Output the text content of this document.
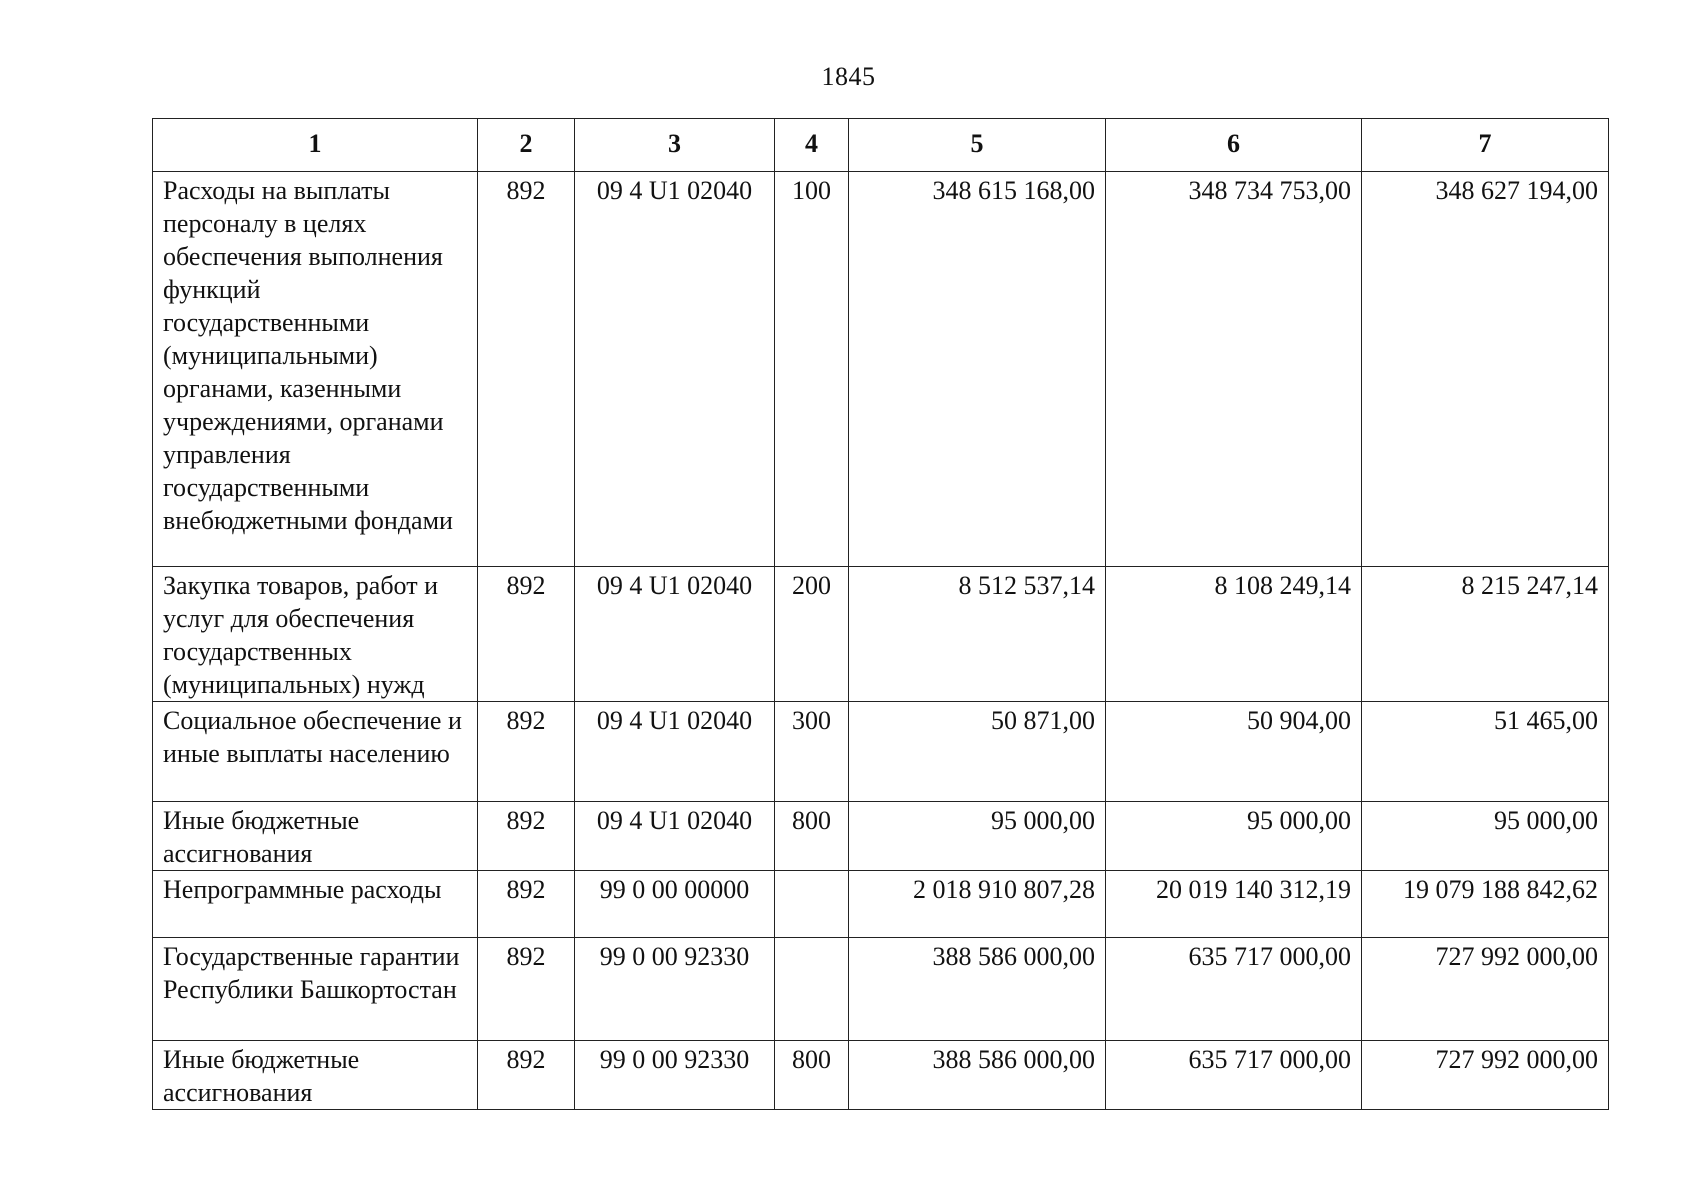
1845
1	2	3	4	5	6	7
Расходы на выплаты персоналу в целях обеспечения выполнения функций государственными (муниципальными) органами, казенными учреждениями, органами управления государственными внебюджетными фондами	892	09 4 U1 02040	100	348 615 168,00	348 734 753,00	348 627 194,00
Закупка товаров, работ и услуг для обеспечения государственных (муниципальных) нужд	892	09 4 U1 02040	200	8 512 537,14	8 108 249,14	8 215 247,14
Социальное обеспечение и иные выплаты населению	892	09 4 U1 02040	300	50 871,00	50 904,00	51 465,00
Иные бюджетные ассигнования	892	09 4 U1 02040	800	95 000,00	95 000,00	95 000,00
Непрограммные расходы	892	99 0 00 00000		2 018 910 807,28	20 019 140 312,19	19 079 188 842,62
Государственные гарантии Республики Башкортостан	892	99 0 00 92330		388 586 000,00	635 717 000,00	727 992 000,00
Иные бюджетные ассигнования	892	99 0 00 92330	800	388 586 000,00	635 717 000,00	727 992 000,00
